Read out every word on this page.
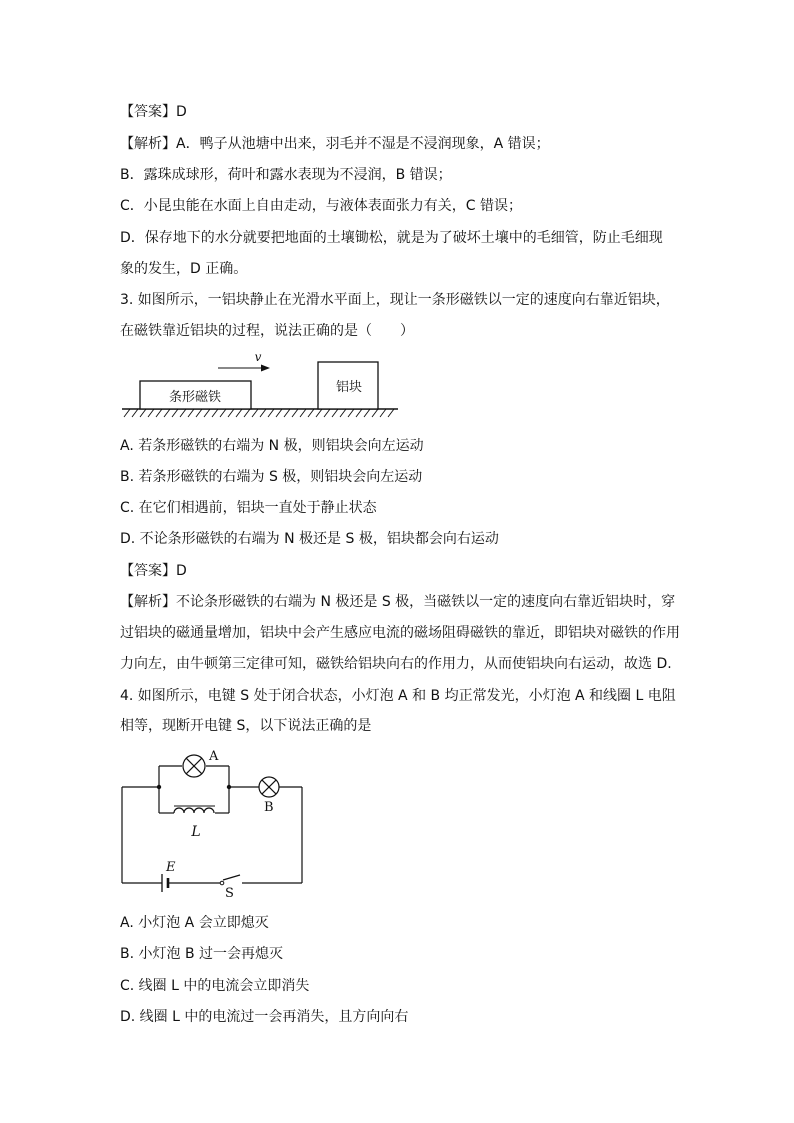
【答案】D
【解析】A．鸭子从池塘中出来，羽毛并不湿是不浸润现象，A 错误；
B．露珠成球形，荷叶和露水表现为不浸润，B 错误；
C．小昆虫能在水面上自由走动，与液体表面张力有关，C 错误；
D．保存地下的水分就要把地面的土壤锄松，就是为了破坏土壤中的毛细管，防止毛细现
象的发生，D 正确。
3. 如图所示，一铝块静止在光滑水平面上，现让一条形磁铁以一定的速度向右靠近铝块，
在磁铁靠近铝块的过程，说法正确的是（　　）
条形磁铁
v
铝块
A. 若条形磁铁的右端为 N 极，则铝块会向左运动
B. 若条形磁铁的右端为 S 极，则铝块会向左运动
C. 在它们相遇前，铝块一直处于静止状态
D. 不论条形磁铁的右端为 N 极还是 S 极，铝块都会向右运动
【答案】D
【解析】不论条形磁铁的右端为 N 极还是 S 极，当磁铁以一定的速度向右靠近铝块时，穿
过铝块的磁通量增加，铝块中会产生感应电流的磁场阻碍磁铁的靠近，即铝块对磁铁的作用
力向左，由牛顿第三定律可知，磁铁给铝块向右的作用力，从而使铝块向右运动，故选 D.
4. 如图所示，电键 S 处于闭合状态，小灯泡 A 和 B 均正常发光，小灯泡 A 和线圈 L 电阻
相等，现断开电键 S，以下说法正确的是
A
L
B
E
S
A. 小灯泡 A 会立即熄灭
B. 小灯泡 B 过一会再熄灭
C. 线圈 L 中的电流会立即消失
D. 线圈 L 中的电流过一会再消失，且方向向右
